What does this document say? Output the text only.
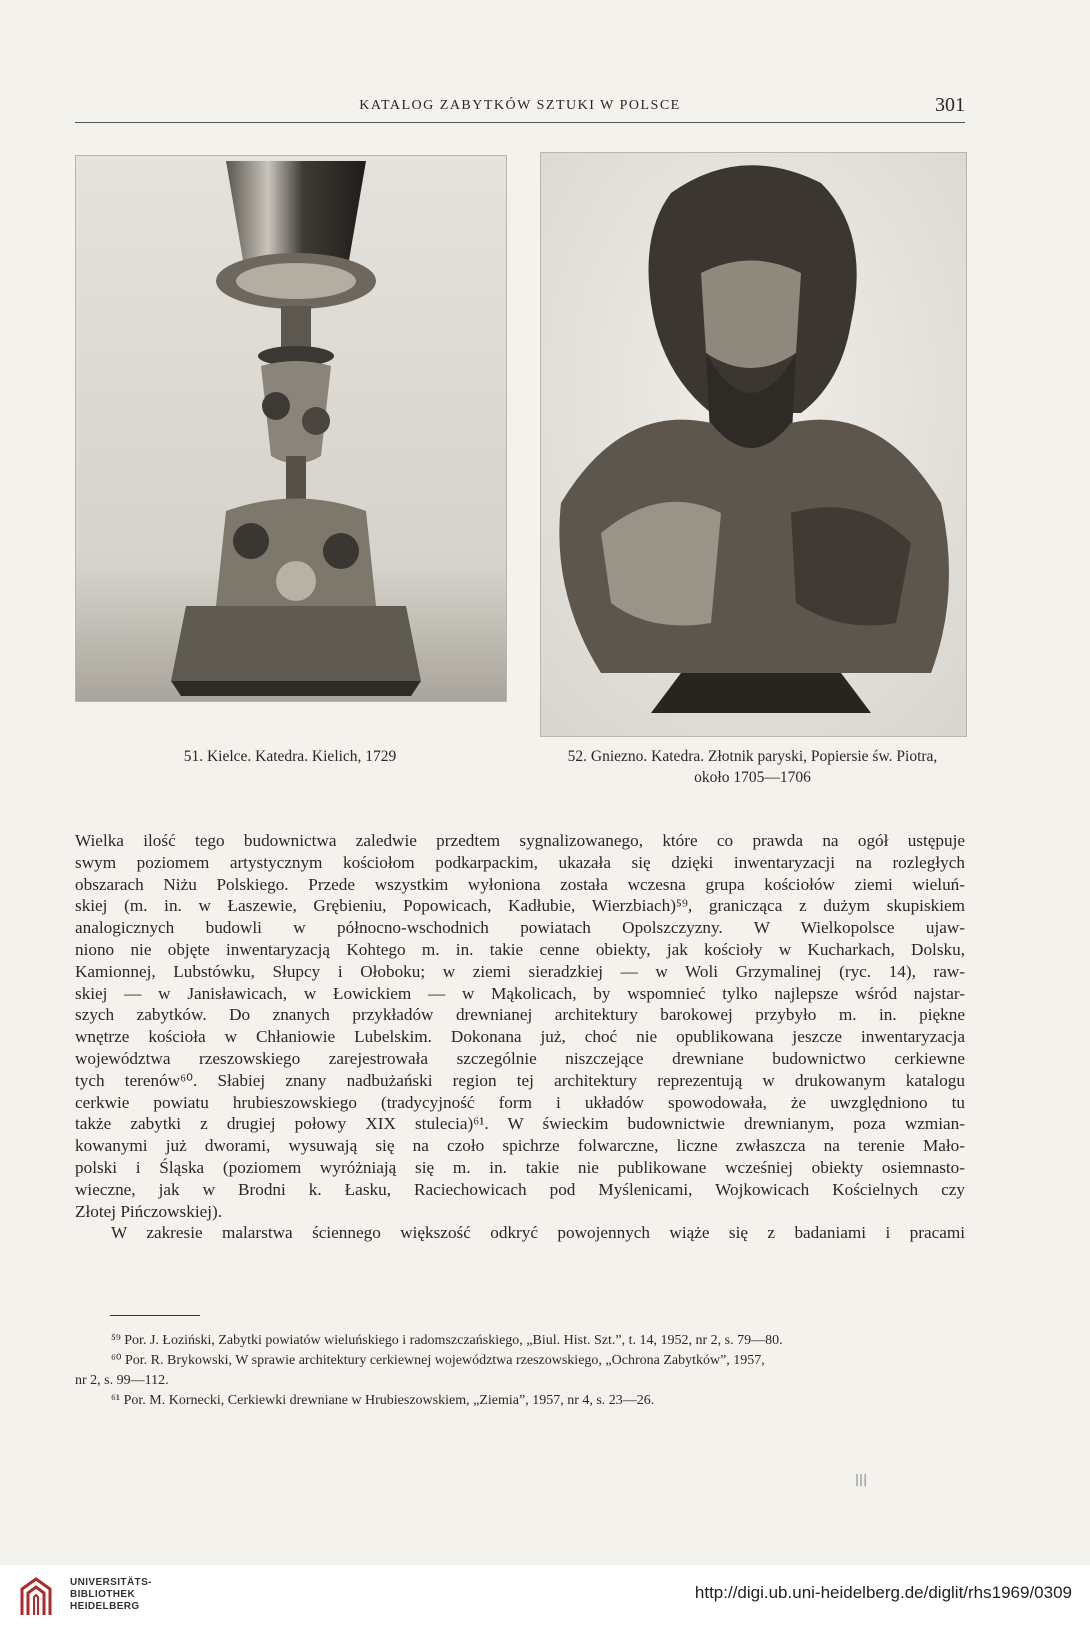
KATALOG ZABYTKÓW SZTUKI W POLSCE	301
51. Kielce. Katedra. Kielich, 1729	52. Gniezno. Katedra. Złotnik paryski, Popiersie św. Piotra,
około 1705—1706
Wielka ilość tego budownictwa zaledwie przedtem sygnalizowanego, które co prawda na ogół ustępuje
swym poziomem artystycznym kościołom podkarpackim, ukazała się dzięki inwentaryzacji na rozległych
obszarach Niżu Polskiego. Przede wszystkim wyłoniona została wczesna grupa kościołów ziemi wieluń-
skiej (m. in. w Łaszewie, Grębieniu, Popowicach, Kadłubie, Wierzbiach)⁵⁹, granicząca z dużym skupiskiem
analogicznych budowli w północno-wschodnich powiatach Opolszczyzny. W Wielkopolsce ujaw-
niono nie objęte inwentaryzacją Kohtego m. in. takie cenne obiekty, jak kościoły w Kucharkach, Dolsku,
Kamionnej, Lubstówku, Słupcy i Ołoboku; w ziemi sieradzkiej — w Woli Grzymalinej (ryc. 14), raw-
skiej — w Janisławicach, w Łowickiem — w Mąkolicach, by wspomnieć tylko najlepsze wśród najstar-
szych zabytków. Do znanych przykładów drewnianej architektury barokowej przybyło m. in. piękne
wnętrze kościoła w Chłaniowie Lubelskim. Dokonana już, choć nie opublikowana jeszcze inwentaryzacja
województwa rzeszowskiego zarejestrowała szczególnie niszczejące drewniane budownictwo cerkiewne
tych terenów⁶⁰. Słabiej znany nadbużański region tej architektury reprezentują w drukowanym katalogu
cerkwie powiatu hrubieszowskiego (tradycyjność form i układów spowodowała, że uwzględniono tu
także zabytki z drugiej połowy XIX stulecia)⁶¹. W świeckim budownictwie drewnianym, poza wzmian-
kowanymi już dworami, wysuwają się na czoło spichrze folwarczne, liczne zwłaszcza na terenie Mało-
polski i Śląska (poziomem wyróżniają się m. in. takie nie publikowane wcześniej obiekty osiemnasto-
wieczne, jak w Brodni k. Łasku, Raciechowicach pod Myślenicami, Wojkowicach Kościelnych czy
Złotej Pińczowskiej).
W zakresie malarstwa ściennego większość odkryć powojennych wiąże się z badaniami i pracami
⁵⁹ Por. J. Łoziński, Zabytki powiatów wieluńskiego i radomszczańskiego, „Biul. Hist. Szt.”, t. 14, 1952, nr 2, s. 79—80.
⁶⁰ Por. R. Brykowski, W sprawie architektury cerkiewnej województwa rzeszowskiego, „Ochrona Zabytków”, 1957,
nr 2, s. 99—112.
⁶¹ Por. M. Kornecki, Cerkiewki drewniane w Hrubieszowskiem, „Ziemia”, 1957, nr 4, s. 23—26.
|||
UNIVERSITÄTS-
BIBLIOTHEK
HEIDELBERG
http://digi.ub.uni-heidelberg.de/diglit/rhs1969/0309
